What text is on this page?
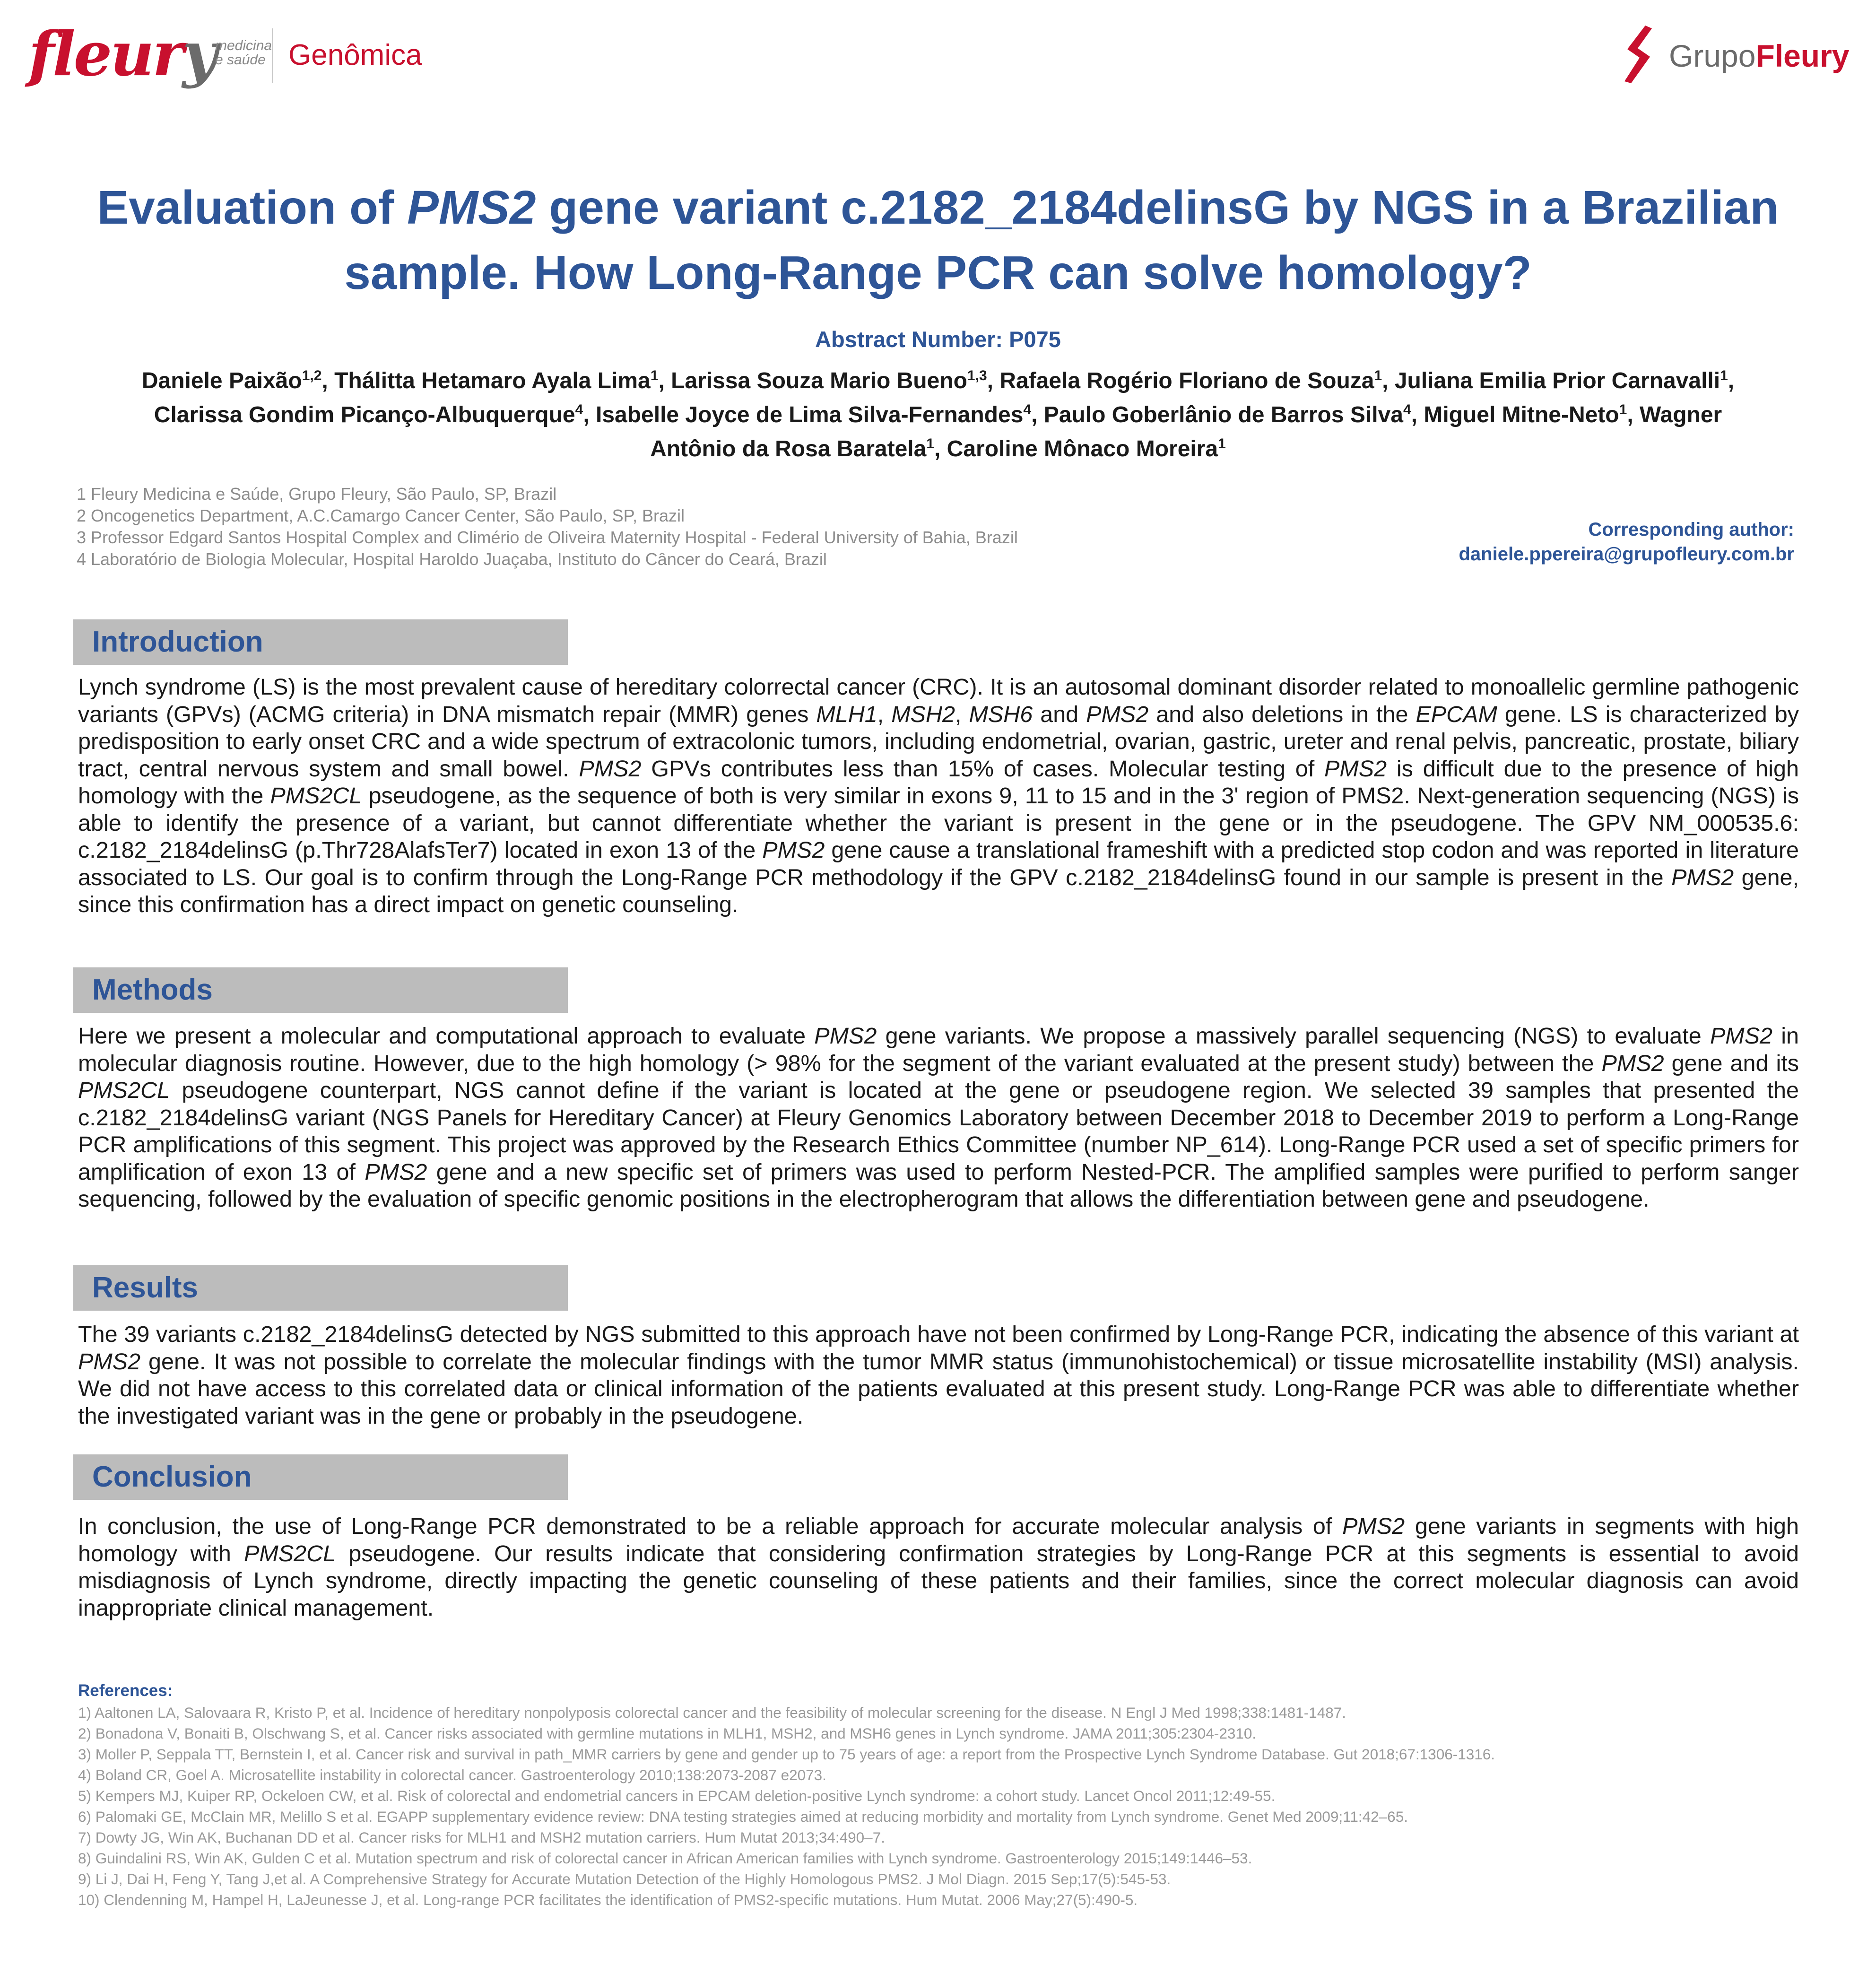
fleury medicina
e saúde Genômica	GrupoFleury
Evaluation of PMS2 gene variant c.2182_2184delinsG by NGS in a Brazilian sample. How Long-Range PCR can solve homology?
Abstract Number: P075
Daniele Paixão$^{1,2}$, Thálitta Hetamaro Ayala Lima$^1$, Larissa Souza Mario Bueno$^{1,3}$, Rafaela Rogério Floriano de Souza$^1$, Juliana Emilia Prior Carnavalli$^1$, Clarissa Gondim Picanço-Albuquerque$^4$, Isabelle Joyce de Lima Silva-Fernandes$^4$, Paulo Goberlânio de Barros Silva$^4$, Miguel Mitne-Neto$^1$, Wagner Antônio da Rosa Baratela$^1$, Caroline Mônaco Moreira$^1$
1 Fleury Medicina e Saúde, Grupo Fleury, São Paulo, SP, Brazil
2 Oncogenetics Department, A.C.Camargo Cancer Center, São Paulo, SP, Brazil
3 Professor Edgard Santos Hospital Complex and Climério de Oliveira Maternity Hospital - Federal University of Bahia, Brazil
4 Laboratório de Biologia Molecular, Hospital Haroldo Juaçaba, Instituto do Câncer do Ceará, Brazil
Corresponding author:
daniele.ppereira@grupofleury.com.br
Introduction

Lynch syndrome (LS) is the most prevalent cause of hereditary colorrectal cancer (CRC). It is an autosomal dominant disorder related to monoallelic germline pathogenic variants (GPVs) (ACMG criteria) in DNA mismatch repair (MMR) genes MLH1, MSH2, MSH6 and PMS2 and also deletions in the EPCAM gene. LS is characterized by predisposition to early onset CRC and a wide spectrum of extracolonic tumors, including endometrial, ovarian, gastric, ureter and renal pelvis, pancreatic, prostate, biliary tract, central nervous system and small bowel. PMS2 GPVs contributes less than 15% of cases. Molecular testing of PMS2 is difficult due to the presence of high homology with the PMS2CL pseudogene, as the sequence of both is very similar in exons 9, 11 to 15 and in the 3' region of PMS2. Next-generation sequencing (NGS) is able to identify the presence of a variant, but cannot differentiate whether the variant is present in the gene or in the pseudogene. The GPV NM_000535.6: c.2182_2184delinsG (p.Thr728AlafsTer7) located in exon 13 of the PMS2 gene cause a translational frameshift with a predicted stop codon and was reported in literature associated to LS. Our goal is to confirm through the Long-Range PCR methodology if the GPV c.2182_2184delinsG found in our sample is present in the PMS2 gene, since this confirmation has a direct impact on genetic counseling.

Methods

Here we present a molecular and computational approach to evaluate PMS2 gene variants. We propose a massively parallel sequencing (NGS) to evaluate PMS2 in molecular diagnosis routine. However, due to the high homology (> 98% for the segment of the variant evaluated at the present study) between the PMS2 gene and its PMS2CL pseudogene counterpart, NGS cannot define if the variant is located at the gene or pseudogene region. We selected 39 samples that presented the c.2182_2184delinsG variant (NGS Panels for Hereditary Cancer) at Fleury Genomics Laboratory between December 2018 to December 2019 to perform a Long-Range PCR amplifications of this segment. This project was approved by the Research Ethics Committee (number NP_614). Long-Range PCR used a set of specific primers for amplification of exon 13 of PMS2 gene and a new specific set of primers was used to perform Nested-PCR. The amplified samples were purified to perform sanger sequencing, followed by the evaluation of specific genomic positions in the electropherogram that allows the differentiation between gene and pseudogene.

Results

The 39 variants c.2182_2184delinsG detected by NGS submitted to this approach have not been confirmed by Long-Range PCR, indicating the absence of this variant at PMS2 gene. It was not possible to correlate the molecular findings with the tumor MMR status (immunohistochemical) or tissue microsatellite instability (MSI) analysis. We did not have access to this correlated data or clinical information of the patients evaluated at this present study. Long-Range PCR was able to differentiate whether the investigated variant was in the gene or probably in the pseudogene.

Conclusion

In conclusion, the use of Long-Range PCR demonstrated to be a reliable approach for accurate molecular analysis of PMS2 gene variants in segments with high homology with PMS2CL pseudogene. Our results indicate that considering confirmation strategies by Long-Range PCR at this segments is essential to avoid misdiagnosis of Lynch syndrome, directly impacting the genetic counseling of these patients and their families, since the correct molecular diagnosis can avoid inappropriate clinical management.

References:
1) Aaltonen LA, Salovaara R, Kristo P, et al. Incidence of hereditary nonpolyposis colorectal cancer and the feasibility of molecular screening for the disease. N Engl J Med 1998;338:1481-1487.
2) Bonadona V, Bonaiti B, Olschwang S, et al. Cancer risks associated with germline mutations in MLH1, MSH2, and MSH6 genes in Lynch syndrome. JAMA 2011;305:2304-2310.
3) Moller P, Seppala TT, Bernstein I, et al. Cancer risk and survival in path_MMR carriers by gene and gender up to 75 years of age: a report from the Prospective Lynch Syndrome Database. Gut 2018;67:1306-1316.
4) Boland CR, Goel A. Microsatellite instability in colorectal cancer. Gastroenterology 2010;138:2073-2087 e2073.
5) Kempers MJ, Kuiper RP, Ockeloen CW, et al. Risk of colorectal and endometrial cancers in EPCAM deletion-positive Lynch syndrome: a cohort study. Lancet Oncol 2011;12:49-55.
6) Palomaki GE, McClain MR, Melillo S et al. EGAPP supplementary evidence review: DNA testing strategies aimed at reducing morbidity and mortality from Lynch syndrome. Genet Med 2009;11:42–65.
7) Dowty JG, Win AK, Buchanan DD et al. Cancer risks for MLH1 and MSH2 mutation carriers. Hum Mutat 2013;34:490–7.
8) Guindalini RS, Win AK, Gulden C et al. Mutation spectrum and risk of colorectal cancer in African American families with Lynch syndrome. Gastroenterology 2015;149:1446–53.
9) Li J, Dai H, Feng Y, Tang J,et al. A Comprehensive Strategy for Accurate Mutation Detection of the Highly Homologous PMS2. J Mol Diagn. 2015 Sep;17(5):545-53.
10) Clendenning M, Hampel H, LaJeunesse J, et al. Long-range PCR facilitates the identification of PMS2-specific mutations. Hum Mutat. 2006 May;27(5):490-5.
